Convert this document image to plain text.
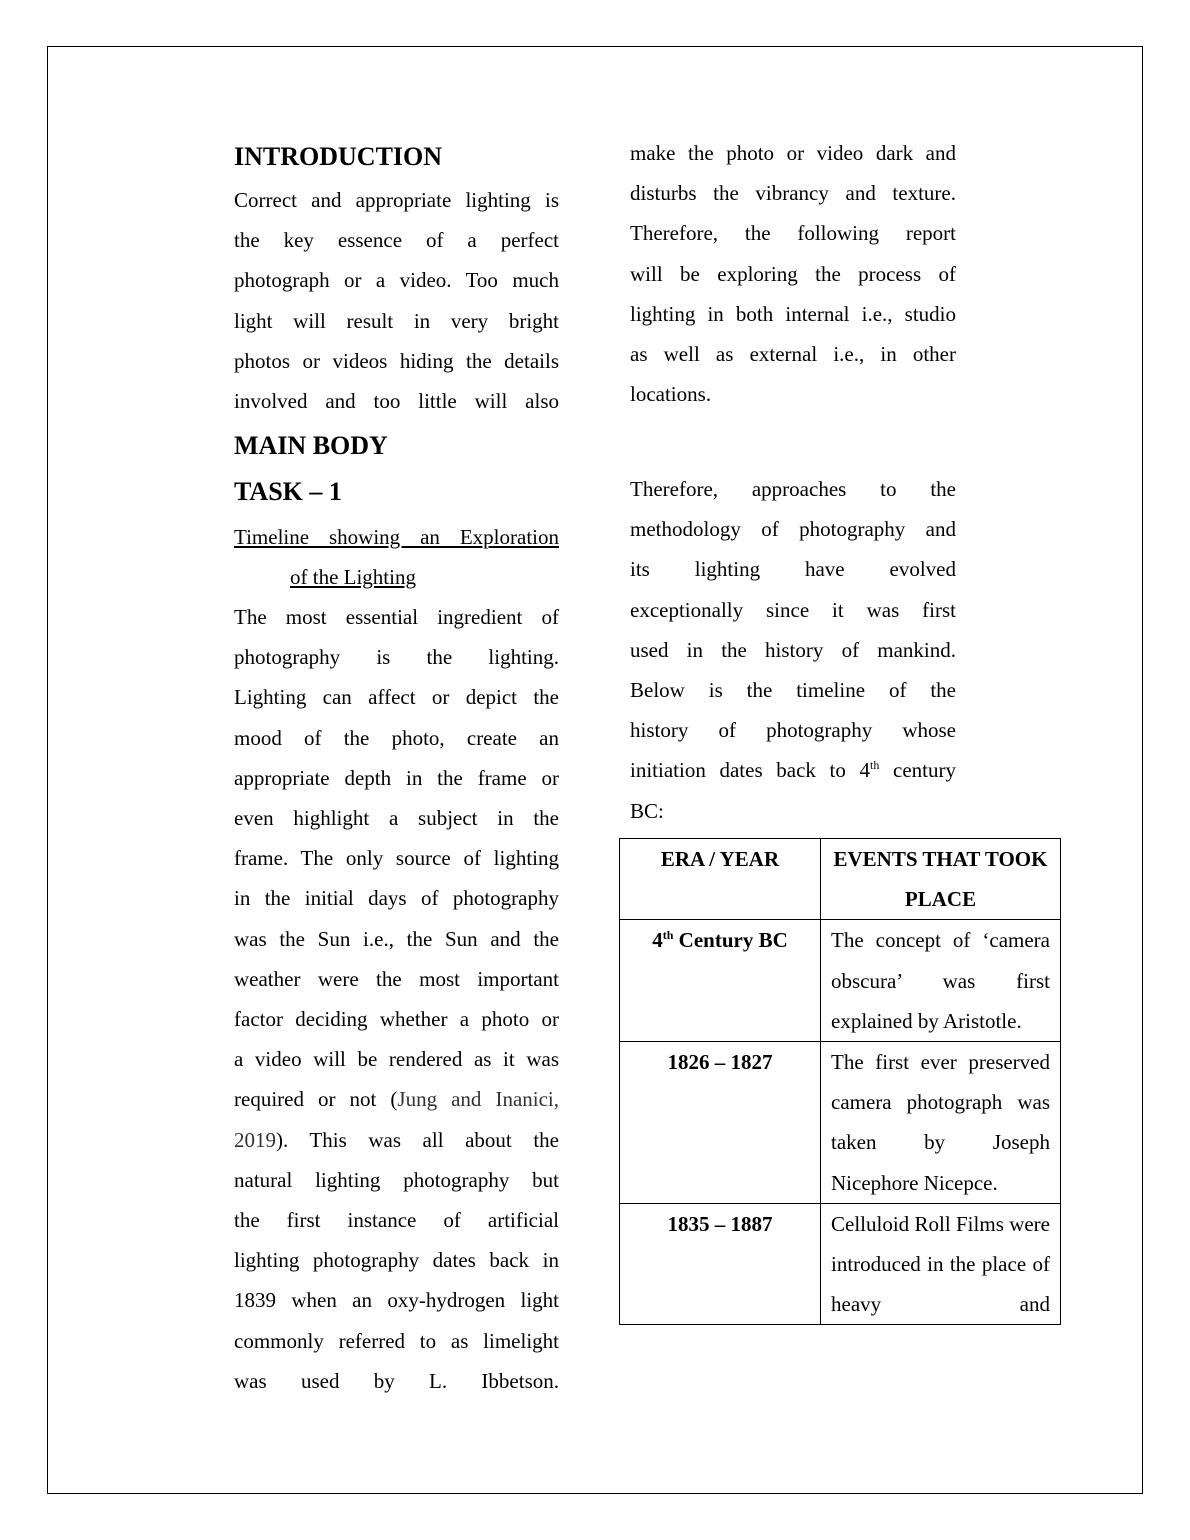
INTRODUCTION
Correct and appropriate lighting is
the key essence of a perfect
photograph or a video. Too much
light will result in very bright
photos or videos hiding the details
involved and too little will also
make the photo or video dark and
disturbs the vibrancy and texture.
Therefore, the following report
will be exploring the process of
lighting in both internal i.e., studio
as well as external i.e., in other
locations.
MAIN BODY
TASK – 1
Timeline showing an Exploration
of the Lighting
The most essential ingredient of
photography is the lighting.
Lighting can affect or depict the
mood of the photo, create an
appropriate depth in the frame or
even highlight a subject in the
frame. The only source of lighting
in the initial days of photography
was the Sun i.e., the Sun and the
weather were the most important
factor deciding whether a photo or
a video will be rendered as it was
required or not (Jung and Inanici,
2019). This was all about the
natural lighting photography but
the first instance of artificial
lighting photography dates back in
1839 when an oxy-hydrogen light
commonly referred to as limelight
was used by L. Ibbetson.
Therefore, approaches to the
methodology of photography and
its lighting have evolved
exceptionally since it was first
used in the history of mankind.
Below is the timeline of the
history of photography whose
initiation dates back to 4th century
BC:
ERA / YEAR	EVENTS THAT TOOK PLACE
4th Century BC	The concept of ‘camera obscura’ was first explained by Aristotle.
1826 – 1827	The first ever preserved camera photograph was taken by Joseph Nicephore Nicepce.
1835 – 1887	Celluloid Roll Films were introduced in the place of heavy and
